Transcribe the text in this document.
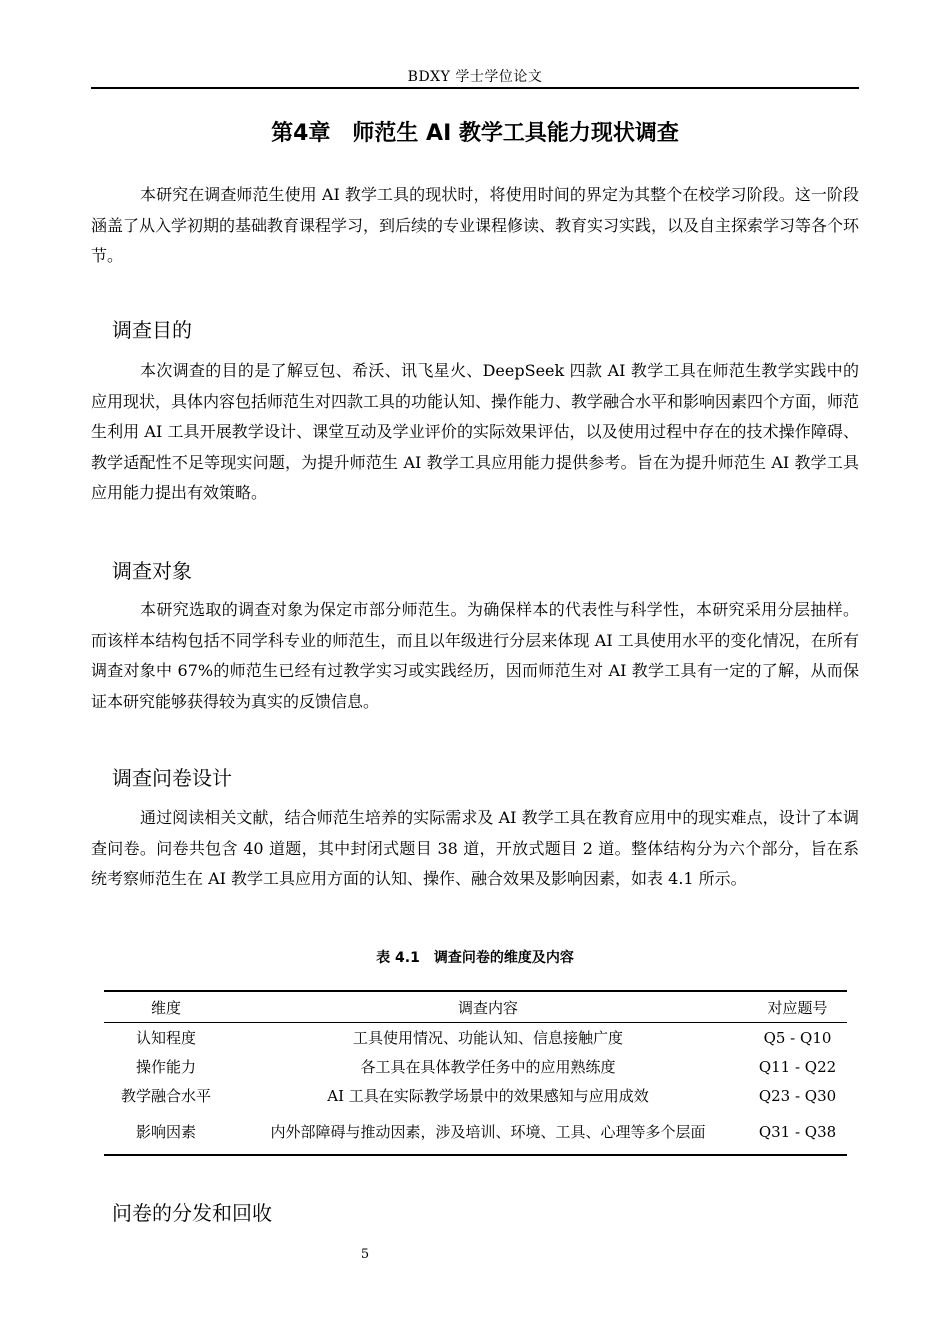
BDXY 学士学位论文
第4章　师范生 AI 教学工具能力现状调查
本研究在调查师范生使用 AI 教学工具的现状时，将使用时间的界定为其整个在校学习阶段。这一阶段涵盖了从入学初期的基础教育课程学习，到后续的专业课程修读、教育实习实践，以及自主探索学习等各个环节。
调查目的
本次调查的目的是了解豆包、希沃、讯飞星火、DeepSeek 四款 AI 教学工具在师范生教学实践中的应用现状，具体内容包括师范生对四款工具的功能认知、操作能力、教学融合水平和影响因素四个方面，师范生利用 AI 工具开展教学设计、课堂互动及学业评价的实际效果评估，以及使用过程中存在的技术操作障碍、教学适配性不足等现实问题，为提升师范生 AI 教学工具应用能力提供参考。旨在为提升师范生 AI 教学工具应用能力提出有效策略。
调查对象
本研究选取的调查对象为保定市部分师范生。为确保样本的代表性与科学性，本研究采用分层抽样。而该样本结构包括不同学科专业的师范生，而且以年级进行分层来体现 AI 工具使用水平的变化情况，在所有调查对象中 67%的师范生已经有过教学实习或实践经历，因而师范生对 AI 教学工具有一定的了解，从而保证本研究能够获得较为真实的反馈信息。
调查问卷设计
通过阅读相关文献，结合师范生培养的实际需求及 AI 教学工具在教育应用中的现实难点，设计了本调查问卷。问卷共包含 40 道题，其中封闭式题目 38 道，开放式题目 2 道。整体结构分为六个部分，旨在系统考察师范生在 AI 教学工具应用方面的认知、操作、融合效果及影响因素，如表 4.1 所示。
表 4.1　调查问卷的维度及内容
维度	调查内容	对应题号
认知程度	工具使用情况、功能认知、信息接触广度	Q5 - Q10
操作能力	各工具在具体教学任务中的应用熟练度	Q11 - Q22
教学融合水平	AI 工具在实际教学场景中的效果感知与应用成效	Q23 - Q30
影响因素	内外部障碍与推动因素，涉及培训、环境、工具、心理等多个层面	Q31 - Q38
问卷的分发和回收
5
